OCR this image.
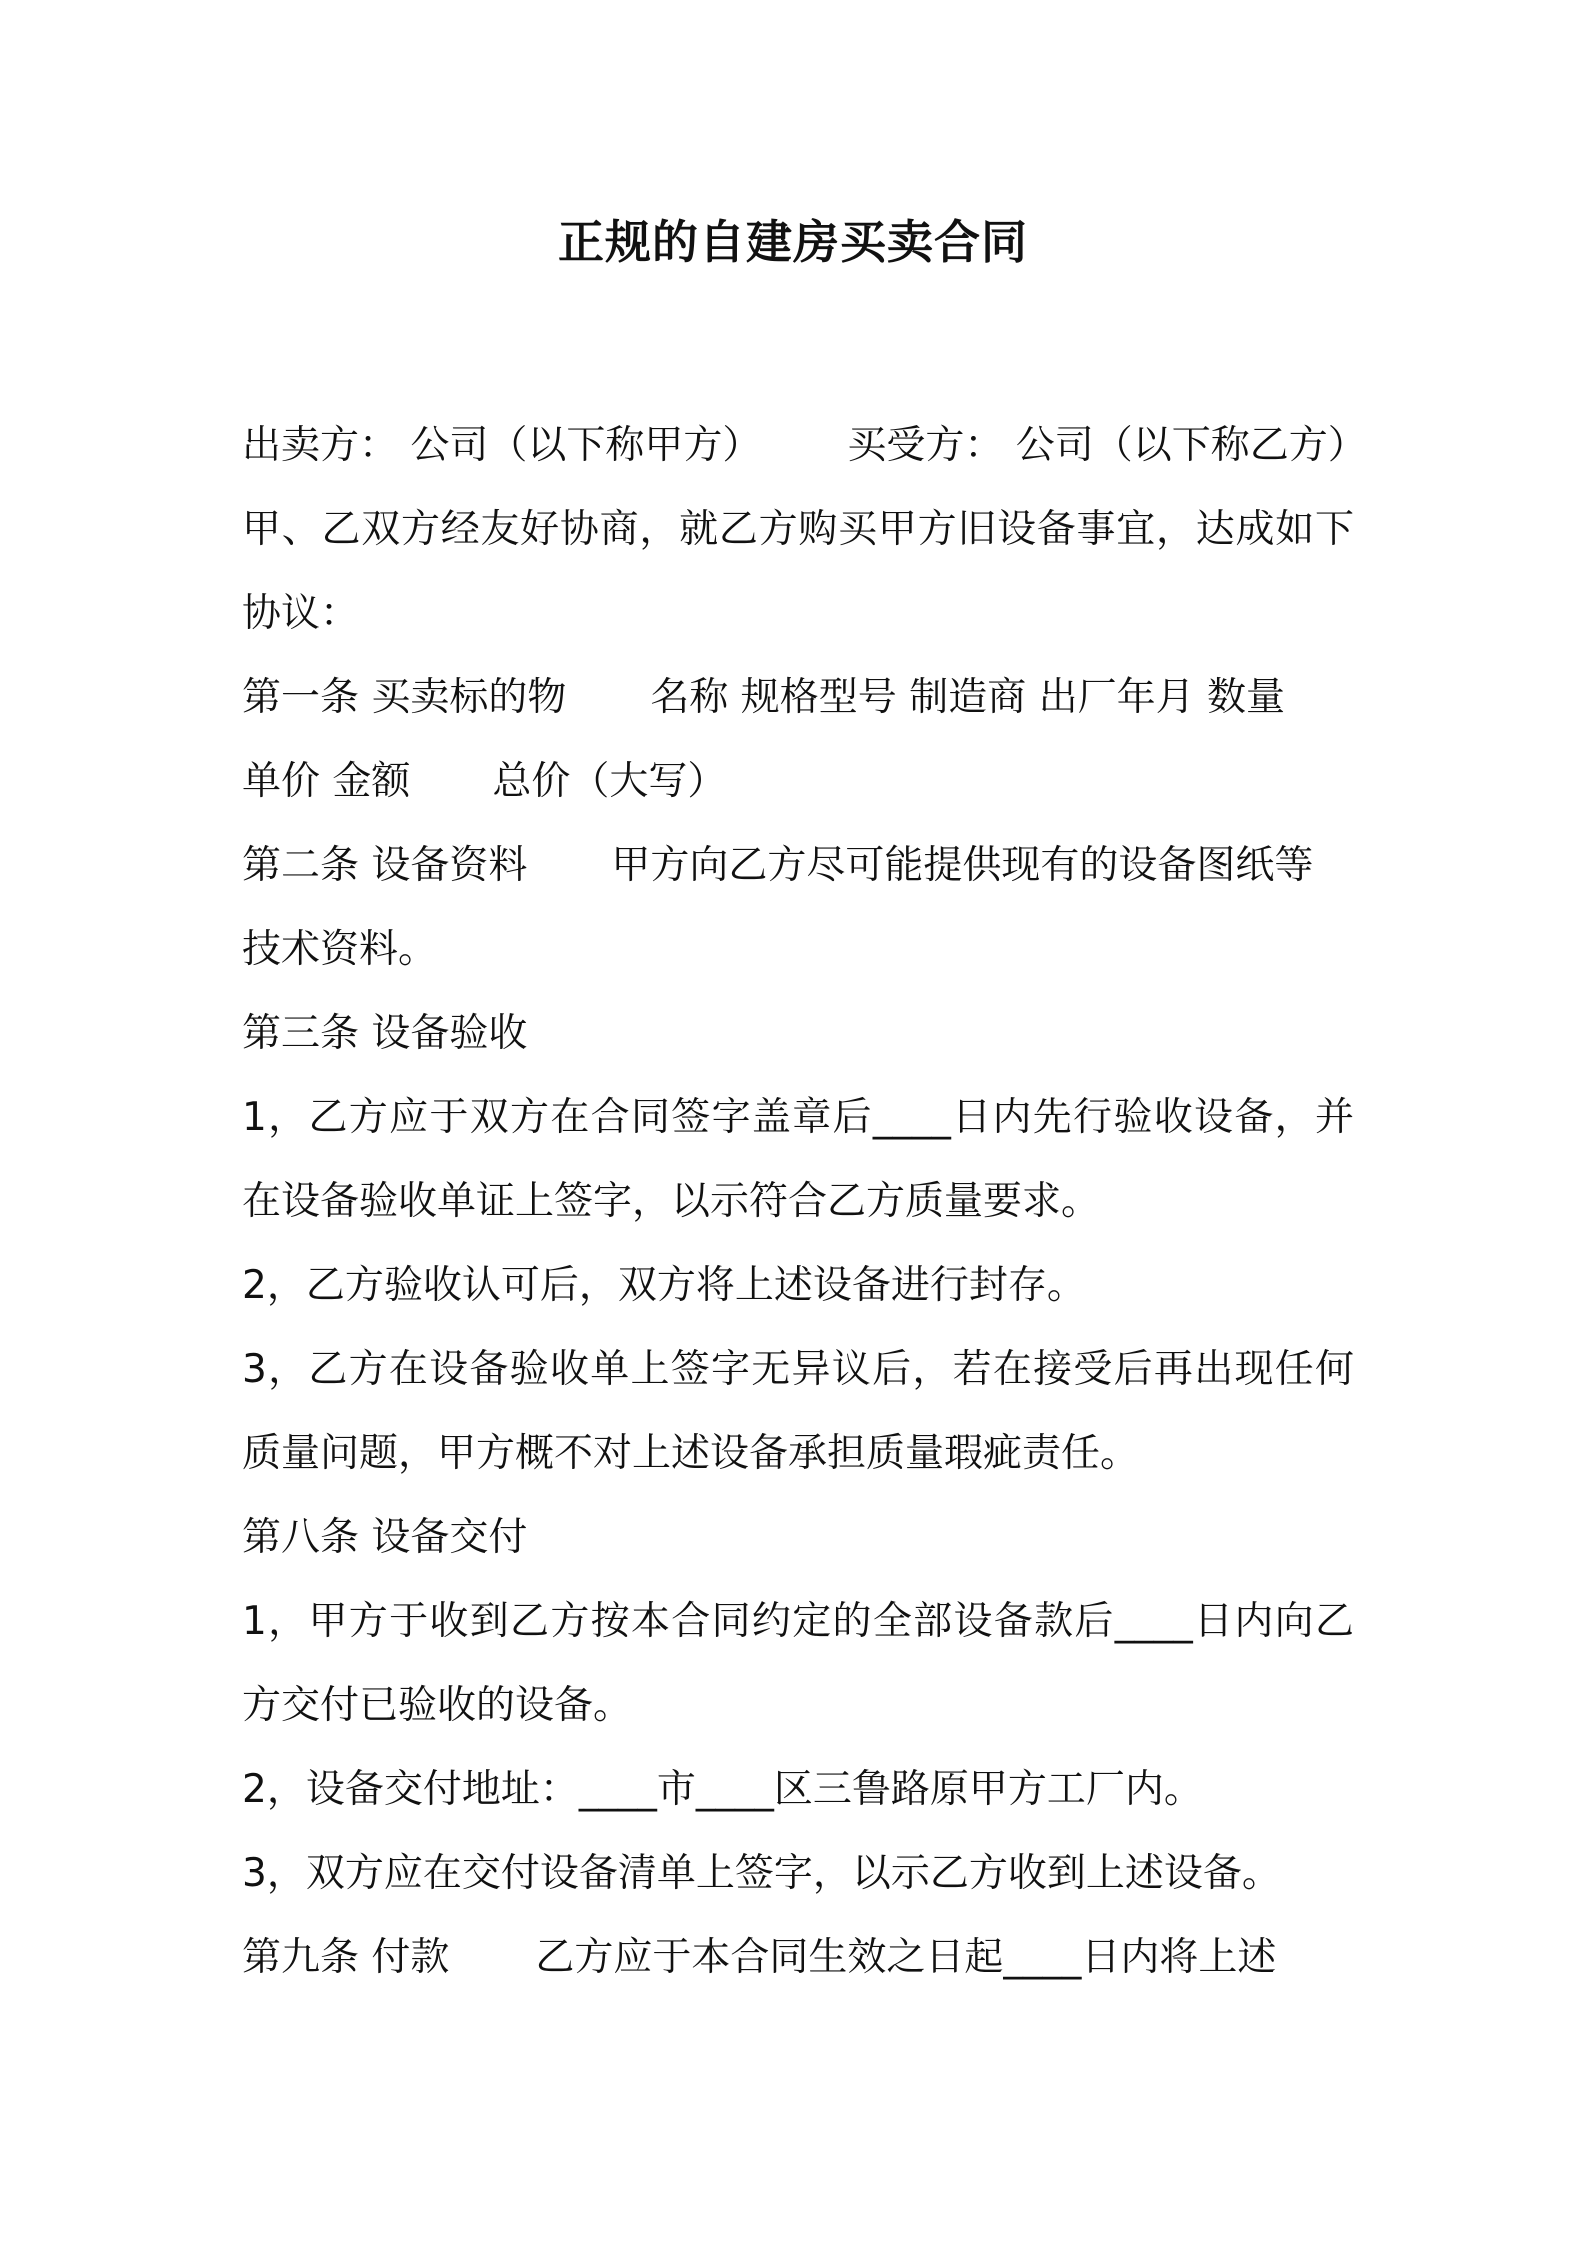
正规的自建房买卖合同
出卖方： 公司（以下称甲方） 买受方： 公司（以下称乙方）
甲、乙双方经友好协商，就乙方购买甲方旧设备事宜，达成如下
协议：
第一条 买卖标的物 名称 规格型号 制造商 出厂年月 数量
单价 金额 总价（大写）
第二条 设备资料 甲方向乙方尽可能提供现有的设备图纸等
技术资料。
第三条 设备验收
1，乙方应于双方在合同签字盖章后____日内先行验收设备，并
在设备验收单证上签字，以示符合乙方质量要求。
2，乙方验收认可后，双方将上述设备进行封存。
3，乙方在设备验收单上签字无异议后，若在接受后再出现任何
质量问题，甲方概不对上述设备承担质量瑕疵责任。
第八条 设备交付
1，甲方于收到乙方按本合同约定的全部设备款后____日内向乙
方交付已验收的设备。
2，设备交付地址：____市____区三鲁路原甲方工厂内。
3，双方应在交付设备清单上签字，以示乙方收到上述设备。
第九条 付款 乙方应于本合同生效之日起____日内将上述
